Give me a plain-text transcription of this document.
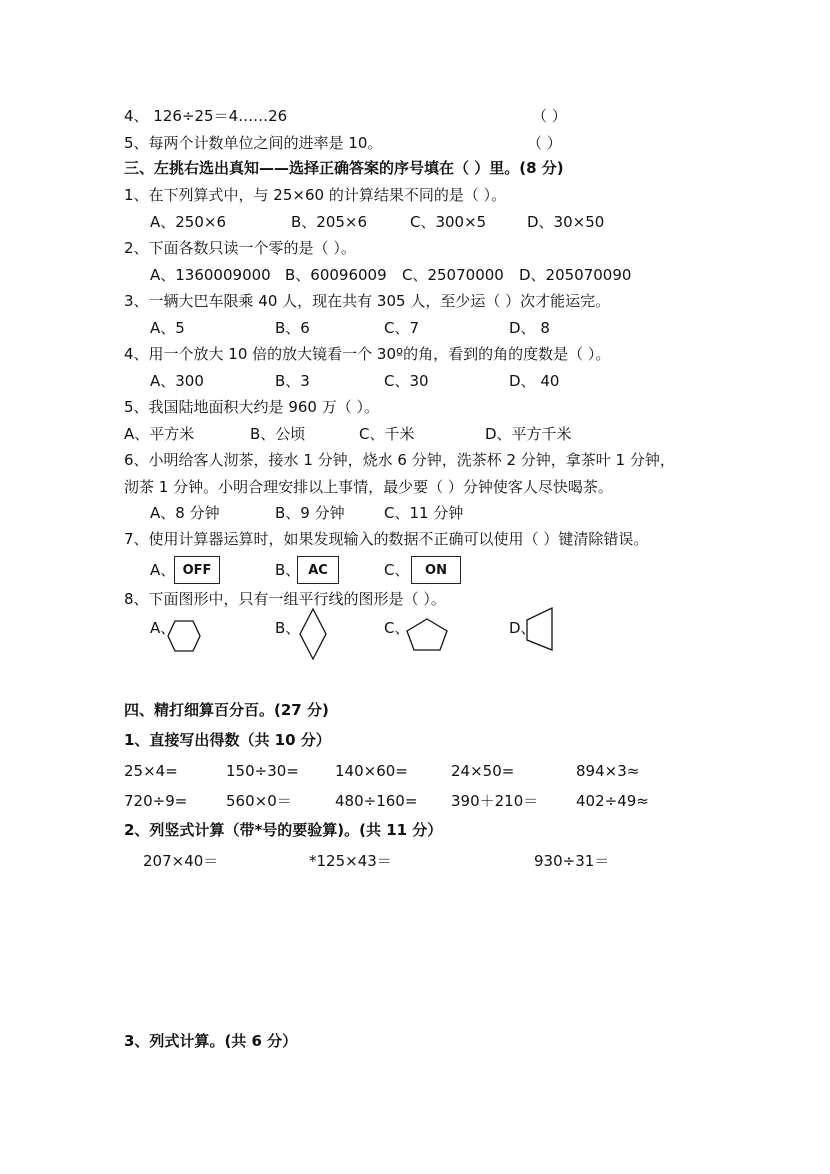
4、 126÷25＝4……26	（ ）
5、每两个计数单位之间的进率是 10。	（ ）
三、左挑右选出真知——选择正确答案的序号填在（ ）里。(8 分)
1、在下列算式中，与 25×60 的计算结果不同的是（ ）。
A、250×6	B、205×6	C、300×5	D、30×50
2、下面各数只读一个零的是（ ）。
A、1360009000 B、60096009 C、25070000 D、205070090
3、一辆大巴车限乘 40 人，现在共有 305 人，至少运（ ）次才能运完。
A、5	B、6	C、7	D、 8
4、用一个放大 10 倍的放大镜看一个 30º的角，看到的角的度数是（ ）。
A、300	B、3	C、30	D、 40
5、我国陆地面积大约是 960 万（ ）。
A、平方米	B、公顷	C、千米	D、平方千米
6、小明给客人沏茶，接水 1 分钟，烧水 6 分钟，洗茶杯 2 分钟，拿茶叶 1 分钟，
沏茶 1 分钟。小明合理安排以上事情，最少要（ ）分钟使客人尽快喝茶。
A、8 分钟	B、9 分钟	C、11 分钟
7、使用计算器运算时，如果发现输入的数据不正确可以使用（ ）键清除错误。
A、 OFF	B、 AC	C、	ON
8、下面图形中，只有一组平行线的图形是（ ）。
A、	B、	C、	D、
四、精打细算百分百。(27 分)
1、直接写出得数（共 10 分）
25×4=	150÷30= 140×60=	24×50=	894×3≈
720÷9=	560×0＝	480÷160= 390＋210＝	402÷49≈
2、列竖式计算（带*号的要验算)。(共 11 分）
207×40＝	*125×43＝	930÷31＝
3、列式计算。(共 6 分）
